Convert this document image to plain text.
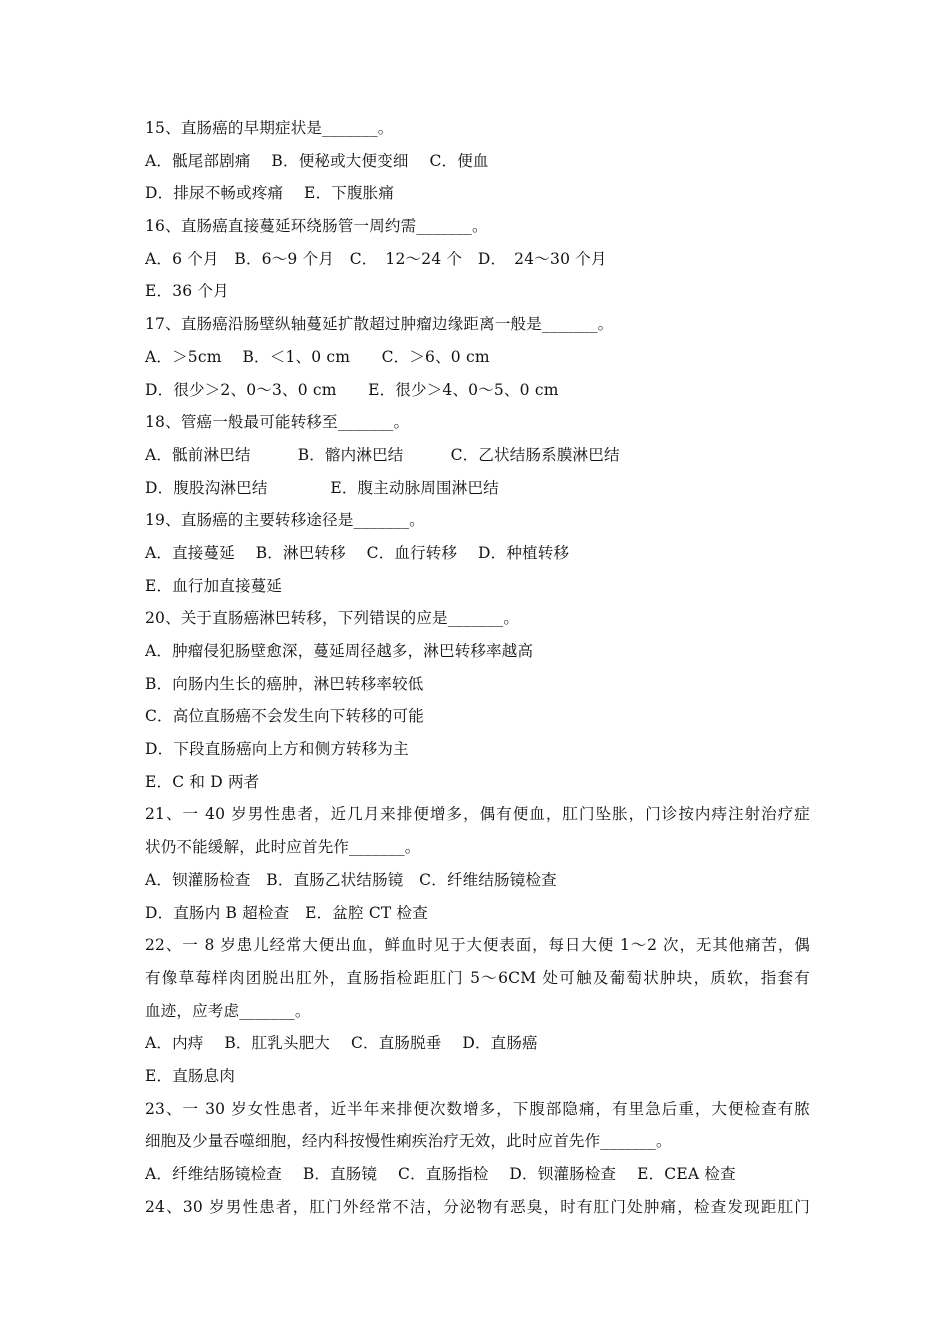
15、直肠癌的早期症状是_______。
A．骶尾部剧痛　 B．便秘或大便变细　 C．便血
D．排尿不畅或疼痛　 E．下腹胀痛
16、直肠癌直接蔓延环绕肠管一周约需_______。
A．6 个月　B．6～9 个月　C．　12～24 个　D．　24～30 个月
E．36 个月
17、直肠癌沿肠壁纵轴蔓延扩散超过肿瘤边缘距离一般是_______。
A．＞5cm　 B．＜1、0 cm　　C．＞6、0 cm
D．很少＞2、0～3、0 cm　　E．很少＞4、0～5、0 cm
18、管癌一般最可能转移至_______。
A．骶前淋巴结　　　B．髂内淋巴结　　　C．乙状结肠系膜淋巴结
D．腹股沟淋巴结　　　　E．腹主动脉周围淋巴结
19、直肠癌的主要转移途径是_______。
A．直接蔓延　 B．淋巴转移　 C．血行转移　 D．种植转移
E．血行加直接蔓延
20、关于直肠癌淋巴转移，下列错误的应是_______。
A．肿瘤侵犯肠壁愈深，蔓延周径越多，淋巴转移率越高
B．向肠内生长的癌肿，淋巴转移率较低
C．高位直肠癌不会发生向下转移的可能
D．下段直肠癌向上方和侧方转移为主
E．C 和 D 两者
21、一 40 岁男性患者，近几月来排便增多，偶有便血，肛门坠胀，门诊按内痔注射治疗症
状仍不能缓解，此时应首先作_______。
A．钡灌肠检查　B．直肠乙状结肠镜　C．纤维结肠镜检查
D．直肠内 B 超检查　E．盆腔 CT 检查
22、一 8 岁患儿经常大便出血，鲜血时见于大便表面，每日大便 1～2 次，无其他痛苦，偶
有像草莓样肉团脱出肛外，直肠指检距肛门 5～6CM 处可触及葡萄状肿块，质软，指套有
血迹，应考虑_______。
A．内痔　 B．肛乳头肥大　 C．直肠脱垂　 D．直肠癌
E．直肠息肉
23、一 30 岁女性患者，近半年来排便次数增多，下腹部隐痛，有里急后重，大便检查有脓
细胞及少量吞噬细胞，经内科按慢性痢疾治疗无效，此时应首先作_______。
A．纤维结肠镜检查　 B．直肠镜　 C．直肠指检　 D．钡灌肠检查　 E．CEA 检查
24、30 岁男性患者，肛门外经常不洁，分泌物有恶臭，时有肛门处肿痛，检查发现距肛门
